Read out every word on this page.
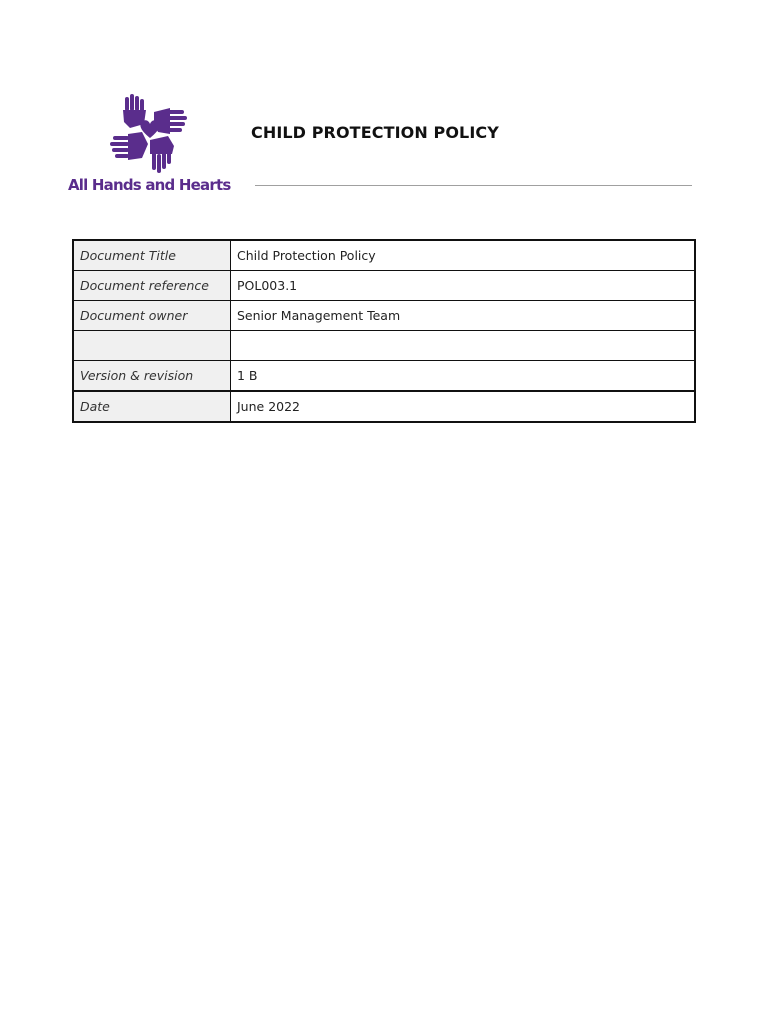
All Hands and Hearts
CHILD PROTECTION POLICY
Document Title	Child Protection Policy
Document reference	POL003.1
Document owner	Senior Management Team

Version & revision	1 B
Date	June 2022
